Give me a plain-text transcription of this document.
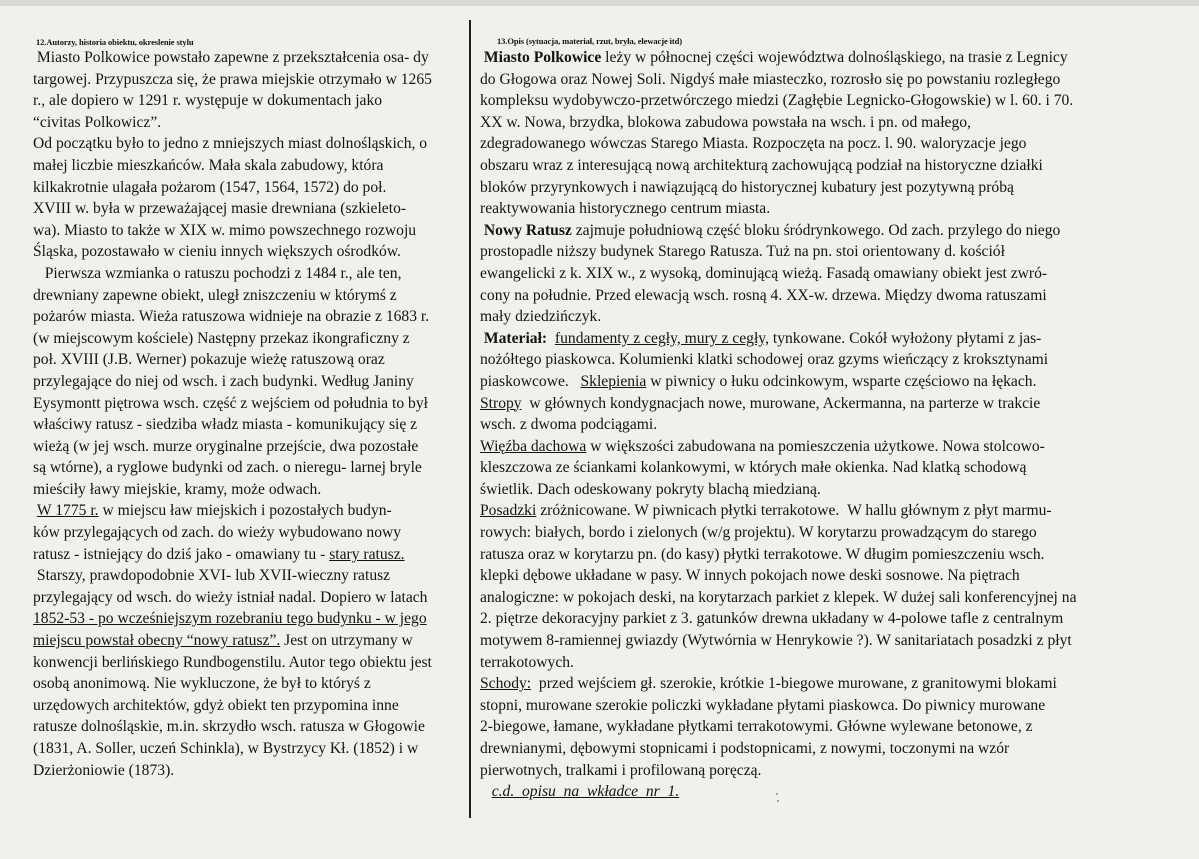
12.Autorzy, historia obiektu, okreslenie stylu	13.Opis (sytuacja, materiał, rzut, bryła, elewacje itd)
Miasto Polkowice powstało zapewne z przekształcenia osa- dy
targowej. Przypuszcza się, że prawa miejskie otrzymało w 1265
r., ale dopiero w 1291 r. występuje w dokumentach jako
“civitas Polkowicz”.
Od początku było to jedno z mniejszych miast dolnośląskich, o
małej liczbie mieszkańców. Mała skala zabudowy, która
kilkakrotnie ulagała pożarom (1547, 1564, 1572) do poł.
XVIII w. była w przeważającej masie drewniana (szkieleto-
wa). Miasto to także w XIX w. mimo powszechnego rozwoju
Śląska, pozostawało w cieniu innych większych ośrodków.
Pierwsza wzmianka o ratuszu pochodzi z 1484 r., ale ten,
drewniany zapewne obiekt, uległ zniszczeniu w którymś z
pożarów miasta. Wieża ratuszowa widnieje na obrazie z 1683 r.
(w miejscowym kościele) Następny przekaz ikongraficzny z
poł. XVIII (J.B. Werner) pokazuje wieżę ratuszową oraz
przylegające do niej od wsch. i zach budynki. Według Janiny
Eysymontt piętrowa wsch. część z wejściem od południa to był
właściwy ratusz - siedziba władz miasta - komunikujący się z
wieżą (w jej wsch. murze oryginalne przejście, dwa pozostałe
są wtórne), a ryglowe budynki od zach. o nieregu- larnej bryle
mieściły ławy miejskie, kramy, może odwach.
W 1775 r. w miejscu ław miejskich i pozostałych budyn-
ków przylegających od zach. do wieży wybudowano nowy
ratusz - istniejący do dziś jako - omawiany tu - stary ratusz.
Starszy, prawdopodobnie XVI- lub XVII-wieczny ratusz
przylegający od wsch. do wieży istniał nadal. Dopiero w latach
1852-53 - po wcześniejszym rozebraniu tego budynku - w jego
miejscu powstał obecny “nowy ratusz”. Jest on utrzymany w
konwencji berlińskiego Rundbogenstilu. Autor tego obiektu jest
osobą anonimową. Nie wykluczone, że był to któryś z
urzędowych architektów, gdyż obiekt ten przypomina inne
ratusze dolnośląskie, m.in. skrzydło wsch. ratusza w Głogowie
(1831, A. Soller, uczeń Schinkla), w Bystrzycy Kł. (1852) i w
Dzierżoniowie (1873).
Miasto Polkowice leży w północnej części województwa dolnośląskiego, na trasie z Legnicy
do Głogowa oraz Nowej Soli. Nigdyś małe miasteczko, rozrosło się po powstaniu rozległego
kompleksu wydobywczo-przetwórczego miedzi (Zagłębie Legnicko-Głogowskie) w l. 60. i 70.
XX w. Nowa, brzydka, blokowa zabudowa powstała na wsch. i pn. od małego,
zdegradowanego wówczas Starego Miasta. Rozpoczęta na pocz. l. 90. waloryzacje jego
obszaru wraz z interesującą nową architekturą zachowującą podział na historyczne działki
bloków przyrynkowych i nawiązującą do historycznej kubatury jest pozytywną próbą
reaktywowania historycznego centrum miasta.
Nowy Ratusz zajmuje południową część bloku śródrynkowego. Od zach. przylego do niego
prostopadle niższy budynek Starego Ratusza. Tuż na pn. stoi orientowany d. kościół
ewangelicki z k. XIX w., z wysoką, dominującą wieżą. Fasadą omawiany obiekt jest zwró-
cony na południe. Przed elewacją wsch. rosną 4. XX-w. drzewa. Między dwoma ratuszami
mały dziedzińczyk.
Materiał: fundamenty z cegły, mury z cegły, tynkowane. Cokół wyłożony płytami z jas-
nożółtego piaskowca. Kolumienki klatki schodowej oraz gzyms wieńczący z kroksztynami
piaskowcowe.   Sklepienia w piwnicy o łuku odcinkowym, wsparte częściowo na łękach.
Stropy  w głównych kondygnacjach nowe, murowane, Ackermanna, na parterze w trakcie
wsch. z dwoma podciągami.
Więźba dachowa w większości zabudowana na pomieszczenia użytkowe. Nowa stolcowo-
kleszczowa ze ściankami kolankowymi, w których małe okienka. Nad klatką schodową
świetlik. Dach odeskowany pokryty blachą miedzianą.
Posadzki zróżnicowane. W piwnicach płytki terrakotowe.  W hallu głównym z płyt marmu-
rowych: białych, bordo i zielonych (w/g projektu). W korytarzu prowadzącym do starego
ratusza oraz w korytarzu pn. (do kasy) płytki terrakotowe. W długim pomieszczeniu wsch.
klepki dębowe układane w pasy. W innych pokojach nowe deski sosnowe. Na piętrach
analogiczne: w pokojach deski, na korytarzach parkiet z klepek. W dużej sali konferencyjnej na
2. piętrze dekoracyjny parkiet z 3. gatunków drewna układany w 4-polowe tafle z centralnym
motywem 8-ramiennej gwiazdy (Wytwórnia w Henrykowie ?). W sanitariatach posadzki z płyt
terrakotowych.
Schody:  przed wejściem gł. szerokie, krótkie 1-biegowe murowane, z granitowymi blokami
stopni, murowane szerokie policzki wykładane płytami piaskowca. Do piwnicy murowane
2-biegowe, łamane, wykładane płytkami terrakotowymi. Główne wylewane betonowe, z
drewnianymi, dębowymi stopnicami i podstopnicami, z nowymi, toczonymi na wzór
pierwotnych, tralkami i profilowaną poręczą.
c.d.  opisu  na  wkładce  nr  1.
